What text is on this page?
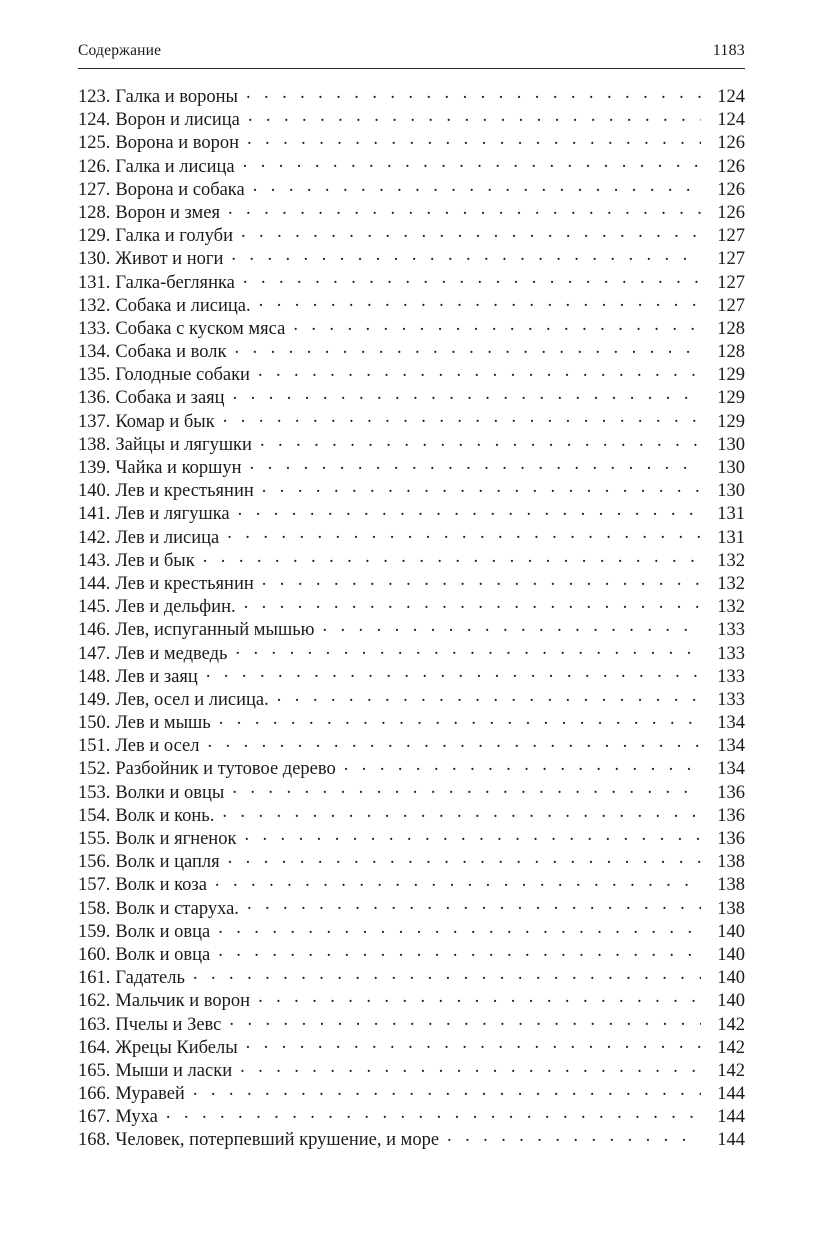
Содержание	1183
123. Галка и вороны . . .	124
124. Ворон и лисица . . .	124
125. Ворона и ворон . . .	126
126. Галка и лисица . . .	126
127. Ворона и собака . . .	126
128. Ворон и змея . . .	126
129. Галка и голуби . . .	127
130. Живот и ноги . . .	127
131. Галка-беглянка . . .	127
132. Собака и лисица. . . .	127
133. Собака с куском мяса . . .	128
134. Собака и волк . . .	128
135. Голодные собаки . . .	129
136. Собака и заяц . . .	129
137. Комар и бык . . .	129
138. Зайцы и лягушки . . .	130
139. Чайка и коршун . . .	130
140. Лев и крестьянин . . .	130
141. Лев и лягушка . . .	131
142. Лев и лисица . . .	131
143. Лев и бык . . .	132
144. Лев и крестьянин . . .	132
145. Лев и дельфин. . . .	132
146. Лев, испуганный мышью . . .	133
147. Лев и медведь . . .	133
148. Лев и заяц . . .	133
149. Лев, осел и лисица. . . .	133
150. Лев и мышь . . .	134
151. Лев и осел . . .	134
152. Разбойник и тутовое дерево . . .	134
153. Волки и овцы . . .	136
154. Волк и конь. . . .	136
155. Волк и ягненок . . .	136
156. Волк и цапля . . .	138
157. Волк и коза . . .	138
158. Волк и старуха. . . .	138
159. Волк и овца . . .	140
160. Волк и овца . . .	140
161. Гадатель . . .	140
162. Мальчик и ворон . . .	140
163. Пчелы и Зевс . . .	142
164. Жрецы Кибелы . . .	142
165. Мыши и ласки . . .	142
166. Муравей . . .	144
167. Муха . . .	144
168. Человек, потерпевший крушение, и море . . .	144
